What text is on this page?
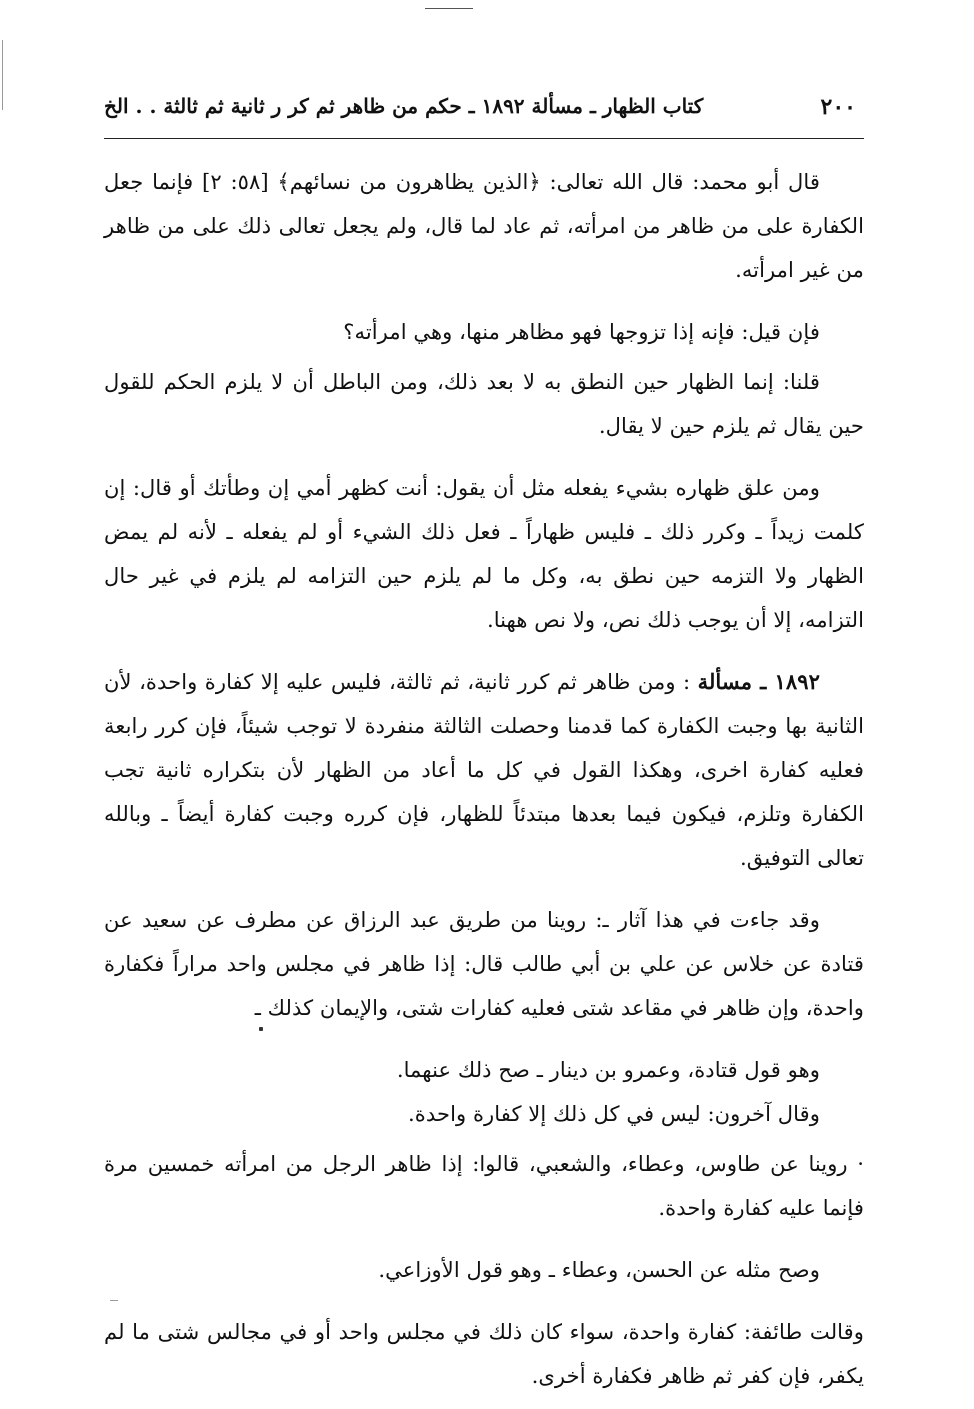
٢٠٠
كتاب الظهار ـ مسألة ١٨٩٢ ـ حكم من ظاهر ثم كر ر ثانية ثم ثالثة . . الخ

قال أبو محمد: قال الله تعالى: ﴿الذين يظاهرون من نسائهم﴾ [٥٨: ٢] فإنما جعل الكفارة على من ظاهر من امرأته، ثم عاد لما قال، ولم يجعل تعالى ذلك على من ظاهر من غير امرأته.

فإن قيل: فإنه إذا تزوجها فهو مظاهر منها، وهي امرأته؟

قلنا: إنما الظهار حين النطق به لا بعد ذلك، ومن الباطل أن لا يلزم الحكم للقول حين يقال ثم يلزم حين لا يقال.

ومن علق ظهاره بشيء يفعله مثل أن يقول: أنت كظهر أمي إن وطأتك أو قال: إن كلمت زيداً ـ وكرر ذلك ـ فليس ظهاراً ـ فعل ذلك الشيء أو لم يفعله ـ لأنه لم يمض الظهار ولا التزمه حين نطق به، وكل ما لم يلزم حين التزامه لم يلزم في غير حال التزامه، إلا أن يوجب ذلك نص، ولا نص ههنا.

١٨٩٢ ـ مسألة : ومن ظاهر ثم كرر ثانية، ثم ثالثة، فليس عليه إلا كفارة واحدة، لأن الثانية بها وجبت الكفارة كما قدمنا وحصلت الثالثة منفردة لا توجب شيئاً، فإن كرر رابعة فعليه كفارة اخرى، وهكذا القول في كل ما أعاد من الظهار لأن بتكراره ثانية تجب الكفارة وتلزم، فيكون فيما بعدها مبتدئاً للظهار، فإن كرره وجبت كفارة أيضاً ـ وبالله تعالى التوفيق.

وقد جاءت في هذا آثار ـ: روينا من طريق عبد الرزاق عن مطرف عن سعيد عن قتادة عن خلاس عن علي بن أبي طالب قال: إذا ظاهر في مجلس واحد مراراً فكفارة واحدة، وإن ظاهر في مقاعد شتى فعليه كفارات شتى، والإيمان كذلك ـ

وهو قول قتادة، وعمرو بن دينار ـ صح ذلك عنهما.

وقال آخرون: ليس في كل ذلك إلا كفارة واحدة.

· روينا عن طاوس، وعطاء، والشعبي، قالوا: إذا ظاهر الرجل من امرأته خمسين مرة فإنما عليه كفارة واحدة.

وصح مثله عن الحسن، وعطاء ـ وهو قول الأوزاعي.

وقالت طائفة: كفارة واحدة، سواء كان ذلك في مجلس واحد أو في مجالس شتى ما لم يكفر، فإن كفر ثم ظاهر فكفارة أخرى.
